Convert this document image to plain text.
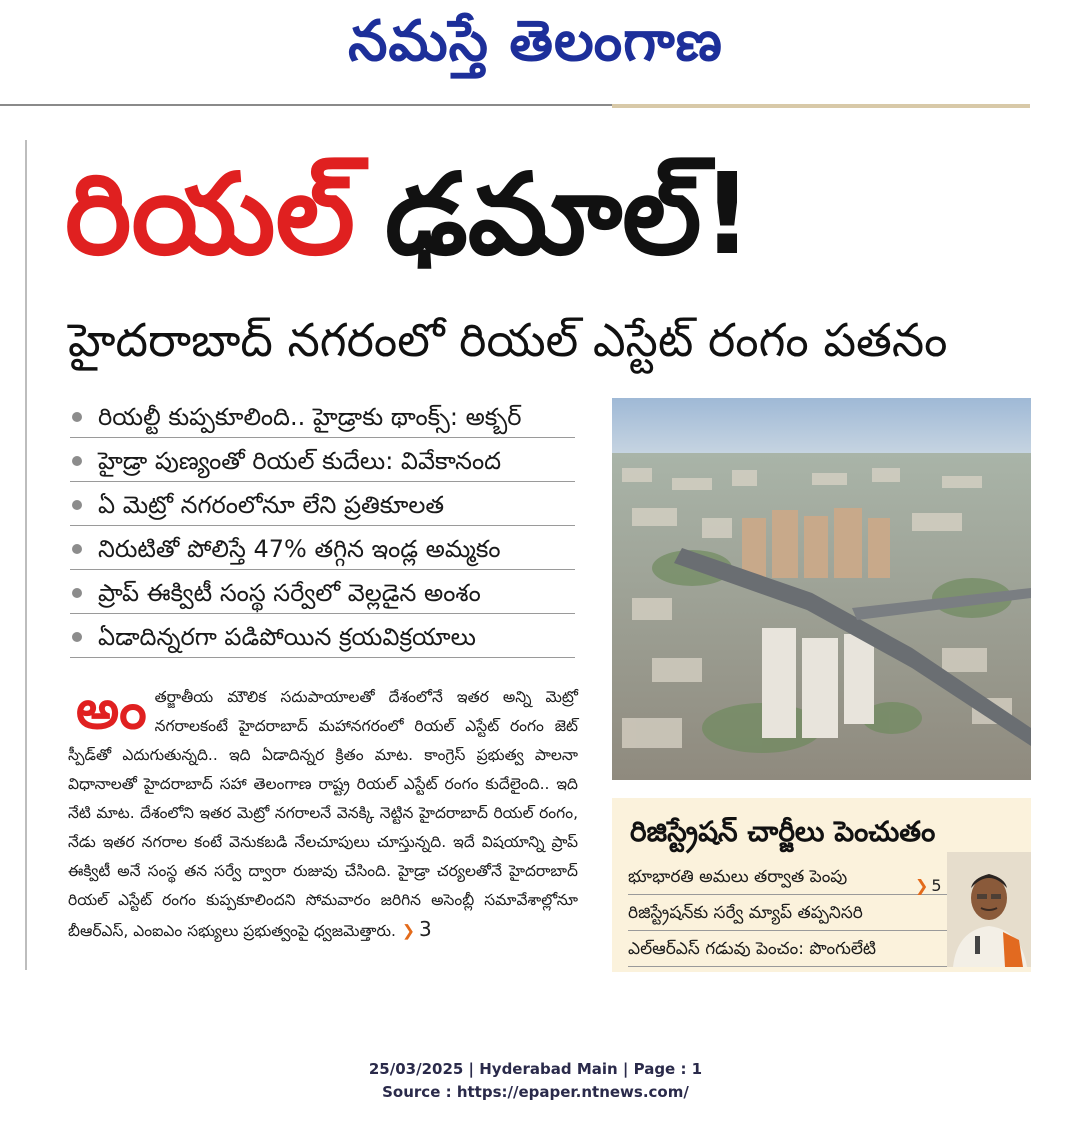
నమస్తే తెలంగాణ
రియల్ ఢమాల్!
హైదరాబాద్ నగరంలో రియల్ ఎస్టేట్ రంగం పతనం
రియల్టీ కుప్పకూలింది.. హైడ్రాకు థాంక్స్: అక్బర్
హైడ్రా పుణ్యంతో రియల్ కుదేలు: వివేకానంద
ఏ మెట్రో నగరంలోనూ లేని ప్రతికూలత
నిరుటితో పోలిస్తే 47% తగ్గిన ఇండ్ల అమ్మకం
ప్రాప్ ఈక్విటీ సంస్థ సర్వేలో వెల్లడైన అంశం
ఏడాదిన్నరగా పడిపోయిన క్రయవిక్రయాలు
అంతర్జాతీయ మౌలిక సదుపాయాలతో దేశంలోనే ఇతర అన్ని మెట్రో నగరాలకంటే హైదరాబాద్ మహానగరంలో రియల్ ఎస్టేట్ రంగం జెట్ స్పీడ్‌తో ఎదుగుతున్నది.. ఇది ఏడాదిన్నర క్రితం మాట. కాంగ్రెస్ ప్రభుత్వ పాలనా విధానాలతో హైదరాబాద్ సహా తెలంగాణ రాష్ట్ర రియల్ ఎస్టేట్ రంగం కుదేలైంది.. ఇది నేటి మాట. దేశంలోని ఇతర మెట్రో నగరాలనే వెనక్కి నెట్టిన హైదరాబాద్ రియల్ రంగం, నేడు ఇతర నగరాల కంటే వెనుకబడి నేలచూపులు చూస్తున్నది. ఇదే విషయాన్ని ప్రాప్ ఈక్విటీ అనే సంస్థ తన సర్వే ద్వారా రుజువు చేసింది. హైడ్రా చర్యలతోనే హైదరాబాద్ రియల్ ఎస్టేట్ రంగం కుప్పకూలిందని సోమవారం జరిగిన అసెంబ్లీ సమావేశాల్లోనూ బీఆర్‌ఎస్, ఎంఐఎం సభ్యులు ప్రభుత్వంపై ధ్వజమెత్తారు. ❯ 3
రిజిస్ట్రేషన్ చార్జీలు పెంచుతం
భూభారతి అమలు తర్వాత పెంపు
రిజిస్ట్రేషన్‌కు సర్వే మ్యాప్ తప్పనిసరి
ఎల్‌ఆర్‌ఎస్ గడువు పెంచం: పొంగులేటి
❯ 5
25/03/2025 | Hyderabad Main | Page : 1
Source : https://epaper.ntnews.com/
